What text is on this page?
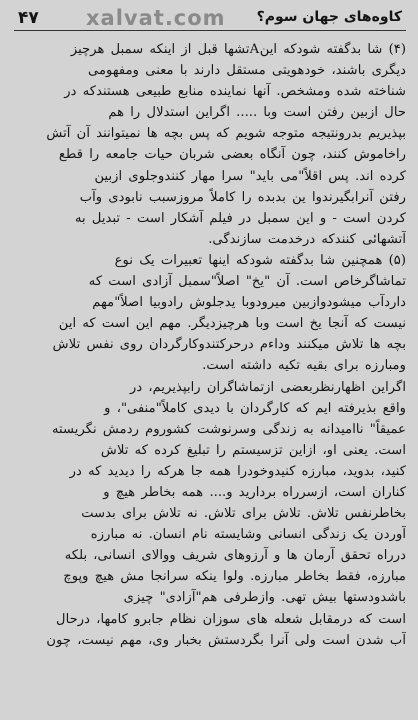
۴۷ xalvat.com کاوه‌های جهان سوم؟
(۴) شا بدگفته شودکه اینAتشها قبل از اینکه سمبل هرچیز
دیگری باشند، خودهویتی مستقل دارند با معنی ومفهومی
شناخته شده ومشخص. آنها نماینده منابع طبیعی هستندکه در
حال ازبین رفتن است وبا ..... اگراین استدلال را هم
بپذیریم بدرونتیجه متوجه شویم که پس بچه ها نمیتوانند آن آتش
راخاموش کنند، چون آنگاه بعضی شربان حیات جامعه را قطع
کرده اند. پس اقلاً"می باید" سرا مهار کنندوجلوی ازبین
رفتن آنرابگیرندوا ین بدبده را کاملاً مروزسبب نابودی وآب
کردن است - و این سمبل در فیلم آشکار است - تبدیل به
آتشهائی کنندکه درخدمت سازندگی.
(۵) همچنین شا بدگفته شودکه اینها تعبیرات یک نوع
تماشاگرخاص است. آن "یخ" اصلاً"سمبل آزادی است که
داردآب میشودوازبین میرودوبا یدجلوش رادوبیا اصلاً"مهم
نیست که آنجا یخ است وبا هرچیزدیگر. مهم این است که این
بچه ها تلاش میکنند وداءم درحرکتندوکارگردان روی نفس تلاش
ومبارزه برای بقیه تکیه داشته است.
اگراین اظهارنظربعضی ازتماشاگران رابپذیریم، در
واقع بذیرفته ایم که کارگردان با دیدی کاملاً"منفی"، و
عمیقاً" ناامیدانه به زندگی وسرنوشت کشوروم ردمش نگریسته
است. یعنی او، ازاین تزسیستم را تبلیغ کرده که تلاش
کنید، بدوید، مبارزه کنیدوخودرا همه جا هرکه را دیدید که در
کناران است، ازسرراه بردارید و.... همه بخاطر هیچ و
بخاطرنفس تلاش. تلاش برای تلاش. نه تلاش برای بدست
آوردن یک زندگی انسانی وشایسته نام انسان. نه مبارزه
درراه تحقق آرمان ها و آرزوهای شریف ووالای انسانی، بلکه
مبارزه، فقط بخاطر مبارزه. ولوا ینکه سرانجا مش هیچ وپوچ
باشدودستها بیش تهی. وازطرفی هم"آزادی" چیزی
است که درمقابل شعله های سوزان نظام جابرو کامها، درحال
آب شدن است ولی آنرا بگردستش بخبار وی، مهم نیست، چون
